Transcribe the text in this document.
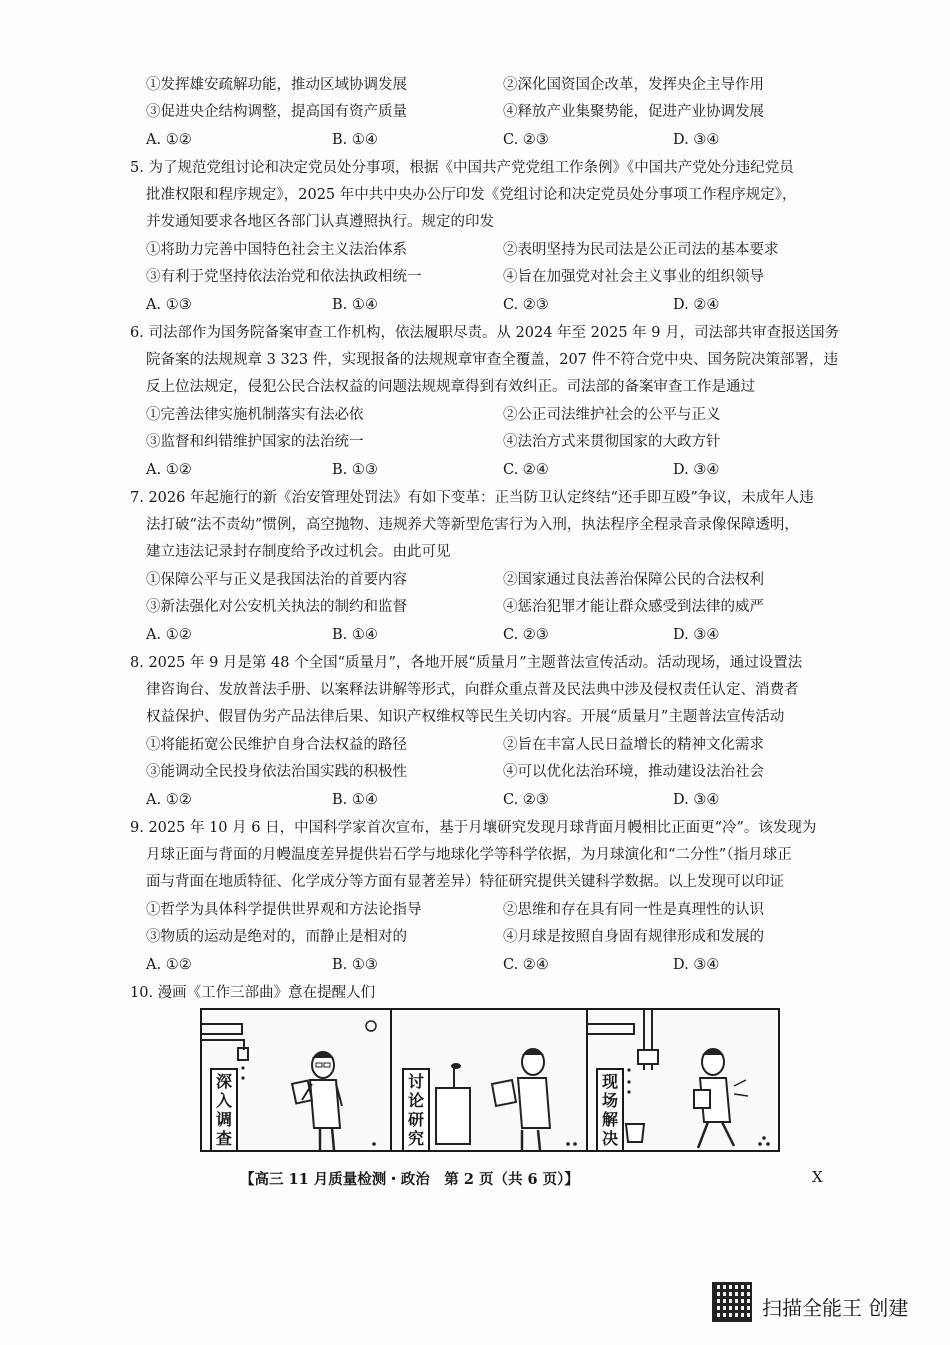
①发挥雄安疏解功能，推动区域协调发展	②深化国资国企改革，发挥央企主导作用
③促进央企结构调整，提高国有资产质量	④释放产业集聚势能，促进产业协调发展
A. ①②	B. ①④	C. ②③	D. ③④
5. 为了规范党组讨论和决定党员处分事项，根据《中国共产党党组工作条例》《中国共产党处分违纪党员
批准权限和程序规定》，2025 年中共中央办公厅印发《党组讨论和决定党员处分事项工作程序规定》，
并发通知要求各地区各部门认真遵照执行。规定的印发
①将助力完善中国特色社会主义法治体系	②表明坚持为民司法是公正司法的基本要求
③有利于党坚持依法治党和依法执政相统一	④旨在加强党对社会主义事业的组织领导
A. ①③	B. ①④	C. ②③	D. ②④
6. 司法部作为国务院备案审查工作机构，依法履职尽责。从 2024 年至 2025 年 9 月，司法部共审查报送国务
院备案的法规规章 3 323 件，实现报备的法规规章审查全覆盖，207 件不符合党中央、国务院决策部署，违
反上位法规定，侵犯公民合法权益的问题法规规章得到有效纠正。司法部的备案审查工作是通过
①完善法律实施机制落实有法必依	②公正司法维护社会的公平与正义
③监督和纠错维护国家的法治统一	④法治方式来贯彻国家的大政方针
A. ①②	B. ①③	C. ②④	D. ③④
7. 2026 年起施行的新《治安管理处罚法》有如下变革：正当防卫认定终结“还手即互殴”争议，未成年人违
法打破“法不责幼”惯例，高空抛物、违规养犬等新型危害行为入刑，执法程序全程录音录像保障透明，
建立违法记录封存制度给予改过机会。由此可见
①保障公平与正义是我国法治的首要内容	②国家通过良法善治保障公民的合法权利
③新法强化对公安机关执法的制约和监督	④惩治犯罪才能让群众感受到法律的威严
A. ①②	B. ①④	C. ②③	D. ③④
8. 2025 年 9 月是第 48 个全国“质量月”，各地开展“质量月”主题普法宣传活动。活动现场，通过设置法
律咨询台、发放普法手册、以案释法讲解等形式，向群众重点普及民法典中涉及侵权责任认定、消费者
权益保护、假冒伪劣产品法律后果、知识产权维权等民生关切内容。开展“质量月”主题普法宣传活动
①将能拓宽公民维护自身合法权益的路径	②旨在丰富人民日益增长的精神文化需求
③能调动全民投身依法治国实践的积极性	④可以优化法治环境，推动建设法治社会
A. ①②	B. ①④	C. ②③	D. ③④
9. 2025 年 10 月 6 日，中国科学家首次宣布，基于月壤研究发现月球背面月幔相比正面更“冷”。该发现为
月球正面与背面的月幔温度差异提供岩石学与地球化学等科学依据，为月球演化和“二分性”（指月球正
面与背面在地质特征、化学成分等方面有显著差异）特征研究提供关键科学数据。以上发现可以印证
①哲学为具体科学提供世界观和方法论指导	②思维和存在具有同一性是真理性的认识
③物质的运动是绝对的，而静止是相对的	④月球是按照自身固有规律形成和发展的
A. ①②	B. ①③	C. ②④	D. ③④
10. 漫画《工作三部曲》意在提醒人们
深入调查
讨论研究
现场解决
【高三 11 月质量检测・政治　第 2 页（共 6 页）】	X
扫描全能王 创建
